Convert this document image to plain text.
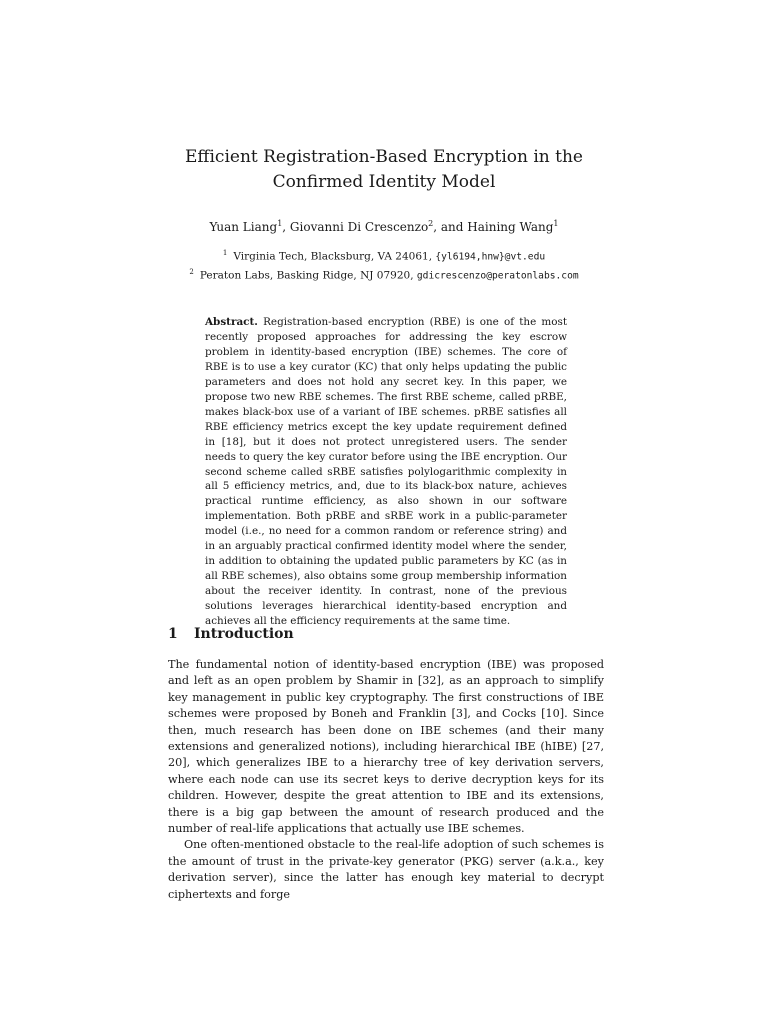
Efficient Registration-Based Encryption in the
Confirmed Identity Model
Yuan Liang$^1$, Giovanni Di Crescenzo$^2$, and Haining Wang$^1$
$^1$ Virginia Tech, Blacksburg, VA 24061, {yl6194,hnw}@vt.edu
$^2$ Peraton Labs, Basking Ridge, NJ 07920, gdicrescenzo@peratonlabs.com

Abstract. Registration-based encryption (RBE) is one of the most recently proposed approaches for addressing the key escrow problem in identity-based encryption (IBE) schemes. The core of RBE is to use a key curator (KC) that only helps updating the public parameters and does not hold any secret key. In this paper, we propose two new RBE schemes. The first RBE scheme, called pRBE, makes black-box use of a variant of IBE schemes. pRBE satisfies all RBE efficiency metrics except the key update requirement defined in [18], but it does not protect unregistered users. The sender needs to query the key curator before using the IBE encryption. Our second scheme called sRBE satisfies polylogarithmic complexity in all 5 efficiency metrics, and, due to its black-box nature, achieves practical runtime efficiency, as also shown in our software implementation. Both pRBE and sRBE work in a public-parameter model (i.e., no need for a common random or reference string) and in an arguably practical confirmed identity model where the sender, in addition to obtaining the updated public parameters by KC (as in all RBE schemes), also obtains some group membership information about the receiver identity. In contrast, none of the previous solutions leverages hierarchical identity-based encryption and achieves all the efficiency requirements at the same time.

1 Introduction

The fundamental notion of identity-based encryption (IBE) was proposed and left as an open problem by Shamir in [32], as an approach to simplify key management in public key cryptography. The first constructions of IBE schemes were proposed by Boneh and Franklin [3], and Cocks [10]. Since then, much research has been done on IBE schemes (and their many extensions and generalized notions), including hierarchical IBE (hIBE) [27, 20], which generalizes IBE to a hierarchy tree of key derivation servers, where each node can use its secret keys to derive decryption keys for its children. However, despite the great attention to IBE and its extensions, there is a big gap between the amount of research produced and the number of real-life applications that actually use IBE schemes.

One often-mentioned obstacle to the real-life adoption of such schemes is the amount of trust in the private-key generator (PKG) server (a.k.a., key derivation server), since the latter has enough key material to decrypt ciphertexts and forge
